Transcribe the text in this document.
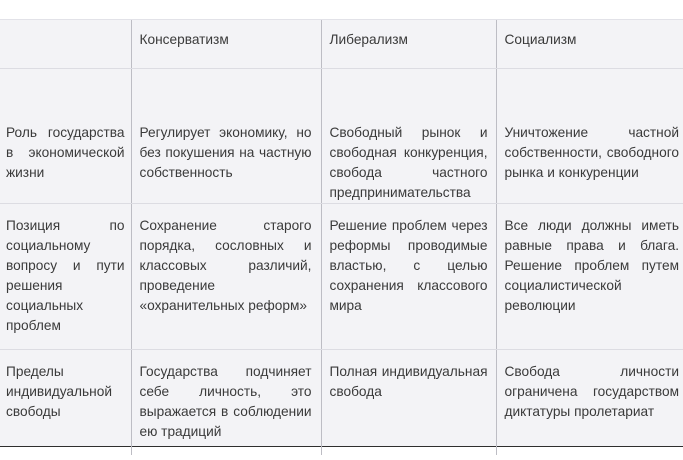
	Консерватизм	Либерализм	Социализм

Роль государства в экономической жизни	Регулирует экономику, но без покушения на частную собственность	Свободный рынок и свободная конкуренция, свобода частного предпринимательства	Уничтожение частной собственности, свободного рынка и конкуренции

Позиция по социальному вопросу и пути решения социальных проблем	Сохранение старого порядка, сословных и классовых различий, проведение «охранительных реформ»	Решение проблем через реформы проводимые властью, с целью сохранения классового мира	Все люди должны иметь равные права и блага. Решение проблем путем социалистической революции

Пределы индивидуальной свободы	Государства подчиняет себе личность, это выражается в соблюдении ею традиций	Полная индивидуальная свобода	Свобода личности ограничена государством диктатуры пролетариат
